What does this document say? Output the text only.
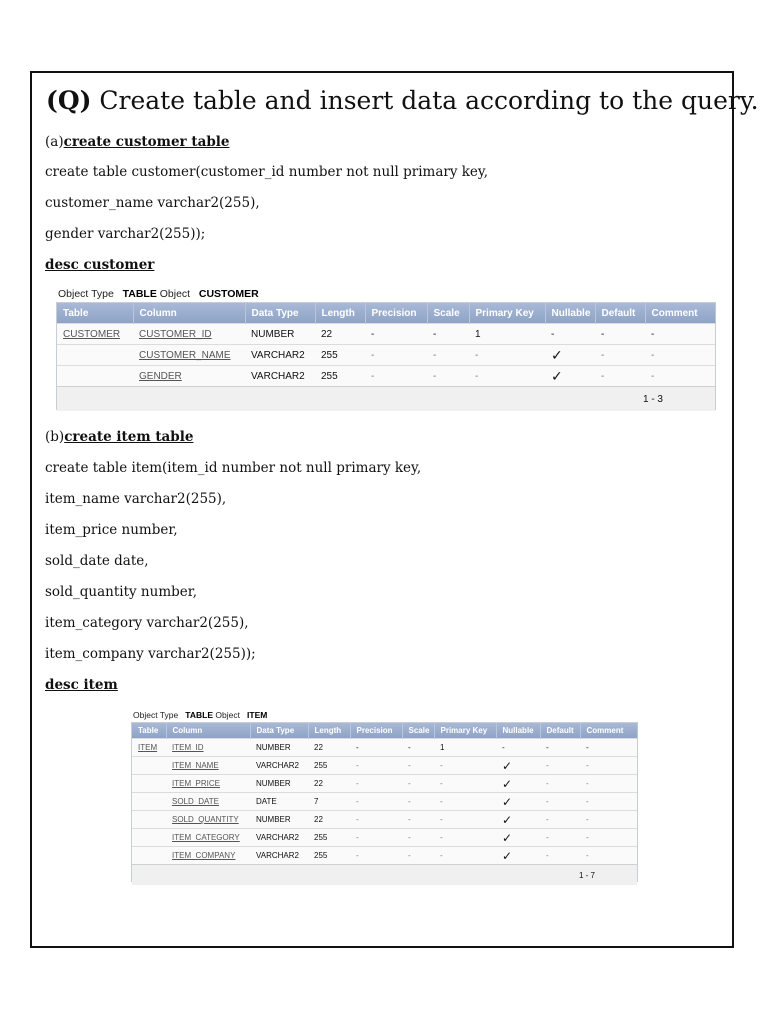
(Q) Create table and insert data according to the query.
(a)create customer table
create table customer(customer_id number not null primary key,
customer_name varchar2(255),
gender varchar2(255));
desc customer
Object Type TABLE Object CUSTOMER
Table	Column	Data Type	Length	Precision	Scale	Primary Key	Nullable	Default	Comment
CUSTOMER	CUSTOMER_ID	NUMBER	22	-	-	1	-	-	-
	CUSTOMER_NAME	VARCHAR2	255	-	-	-	✓	-	-
	GENDER	VARCHAR2	255	-	-	-	✓	-	-
1 - 3									
(b)create item table
create table item(item_id number not null primary key,
item_name varchar2(255),
item_price number,
sold_date date,
sold_quantity number,
item_category varchar2(255),
item_company varchar2(255));
desc item
Object Type TABLE Object ITEM
Table	Column	Data Type	Length	Precision	Scale	Primary Key	Nullable	Default	Comment
ITEM	ITEM_ID	NUMBER	22	-	-	1	-	-	-
	ITEM_NAME	VARCHAR2	255	-	-	-	✓	-	-
	ITEM_PRICE	NUMBER	22	-	-	-	✓	-	-
	SOLD_DATE	DATE	7	-	-	-	✓	-	-
	SOLD_QUANTITY	NUMBER	22	-	-	-	✓	-	-
	ITEM_CATEGORY	VARCHAR2	255	-	-	-	✓	-	-
	ITEM_COMPANY	VARCHAR2	255	-	-	-	✓	-	-
1 - 7									
